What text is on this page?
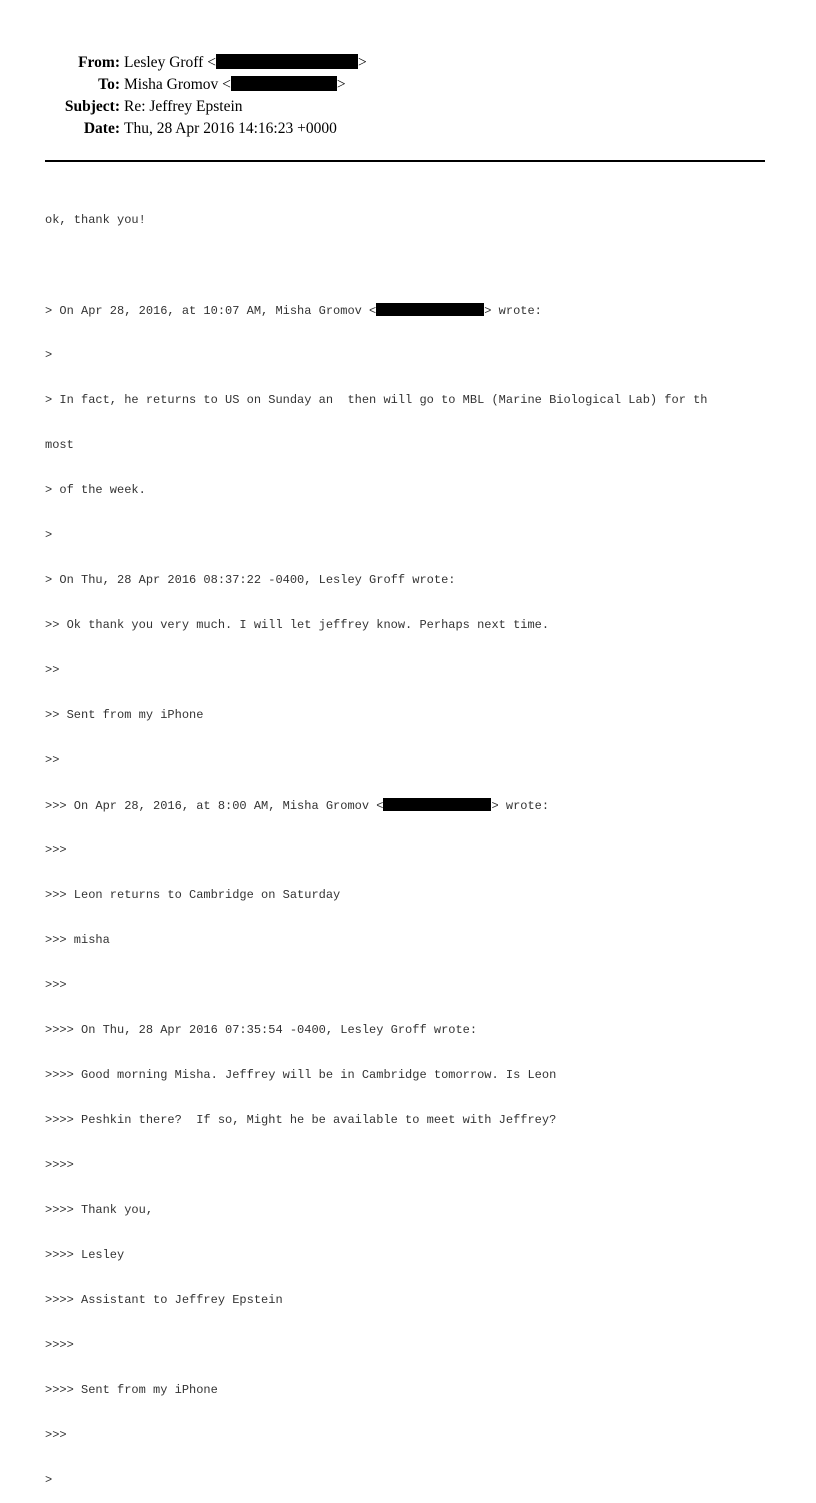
From: Lesley Groff <	>
To: Misha Gromov <	>
Subject: Re: Jeffrey Epstein
Date: Thu, 28 Apr 2016 14:16:23 +0000

ok, thank you!

> On Apr 28, 2016, at 10:07 AM, Misha Gromov <	> wrote:

>

> In fact, he returns to US on Sunday an  then will go to MBL (Marine Biological Lab) for th

most

> of the week.

>

> On Thu, 28 Apr 2016 08:37:22 -0400, Lesley Groff wrote:

>> Ok thank you very much. I will let jeffrey know. Perhaps next time.

>>

>> Sent from my iPhone

>>

>>> On Apr 28, 2016, at 8:00 AM, Misha Gromov <	> wrote:

>>>

>>> Leon returns to Cambridge on Saturday

>>> misha

>>>

>>>> On Thu, 28 Apr 2016 07:35:54 -0400, Lesley Groff wrote:

>>>> Good morning Misha. Jeffrey will be in Cambridge tomorrow. Is Leon

>>>> Peshkin there?  If so, Might he be available to meet with Jeffrey?

>>>>

>>>> Thank you,

>>>> Lesley

>>>> Assistant to Jeffrey Epstein

>>>>

>>>> Sent from my iPhone

>>>

>
